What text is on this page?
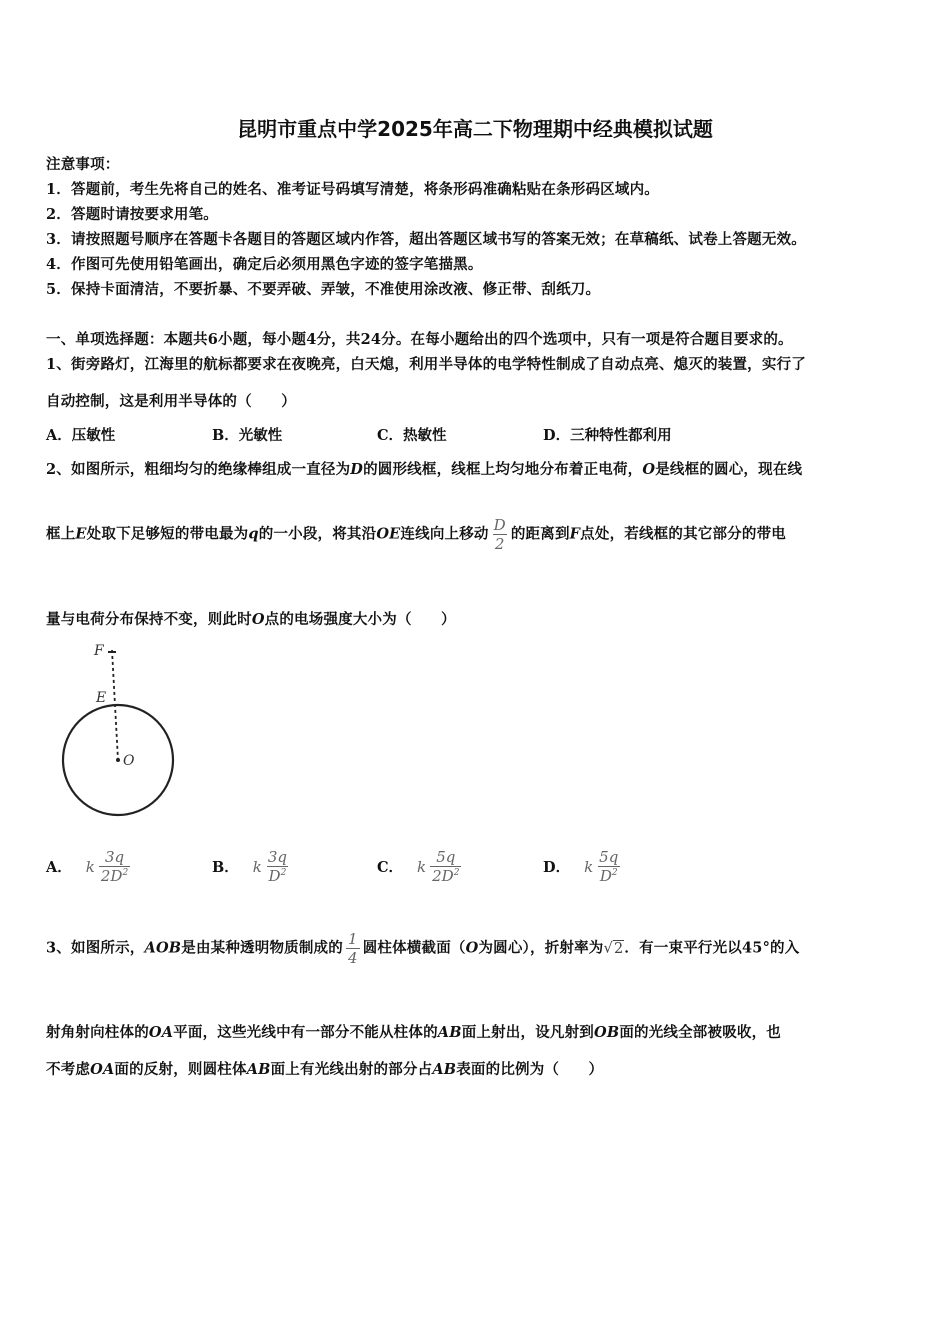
昆明市重点中学2025年高二下物理期中经典模拟试题
注意事项：
1．答题前，考生先将自己的姓名、准考证号码填写清楚，将条形码准确粘贴在条形码区域内。
2．答题时请按要求用笔。
3．请按照题号顺序在答题卡各题目的答题区域内作答，超出答题区域书写的答案无效；在草稿纸、试卷上答题无效。
4．作图可先使用铅笔画出，确定后必须用黑色字迹的签字笔描黑。
5．保持卡面清洁，不要折暴、不要弄破、弄皱，不准使用涂改液、修正带、刮纸刀。
一、单项选择题：本题共6小题，每小题4分，共24分。在每小题给出的四个选项中，只有一项是符合题目要求的。
1、街旁路灯，江海里的航标都要求在夜晚亮，白天熄，利用半导体的电学特性制成了自动点亮、熄灭的装置，实行了
自动控制，这是利用半导体的（　　）
A．压敏性	B．光敏性	C．热敏性	D．三种特性都利用
2、如图所示，粗细均匀的绝缘棒组成一直径为D的圆形线框，线框上均匀地分布着正电荷，O是线框的圆心，现在线
框上E处取下足够短的带电最为q的一小段，将其沿OE连线向上移动 $\frac{D}{2}$ 的距离到F点处，若线框的其它部分的带电
量与电荷分布保持不变，则此时O点的电场强度大小为（　　）
F
E
O
A． k $\frac{3q}{2D^2}$	B． k $\frac{3q}{D^2}$	C． k $\frac{5q}{2D^2}$	D． k $\frac{5q}{D^2}$
3、如图所示，AOB是由某种透明物质制成的 $\frac{1}{4}$ 圆柱体横截面（O为圆心），折射率为√2．有一束平行光以45°的入
射角射向柱体的OA平面，这些光线中有一部分不能从柱体的AB面上射出，设凡射到OB面的光线全部被吸收，也
不考虑OA面的反射，则圆柱体AB面上有光线出射的部分占AB表面的比例为（　　）
